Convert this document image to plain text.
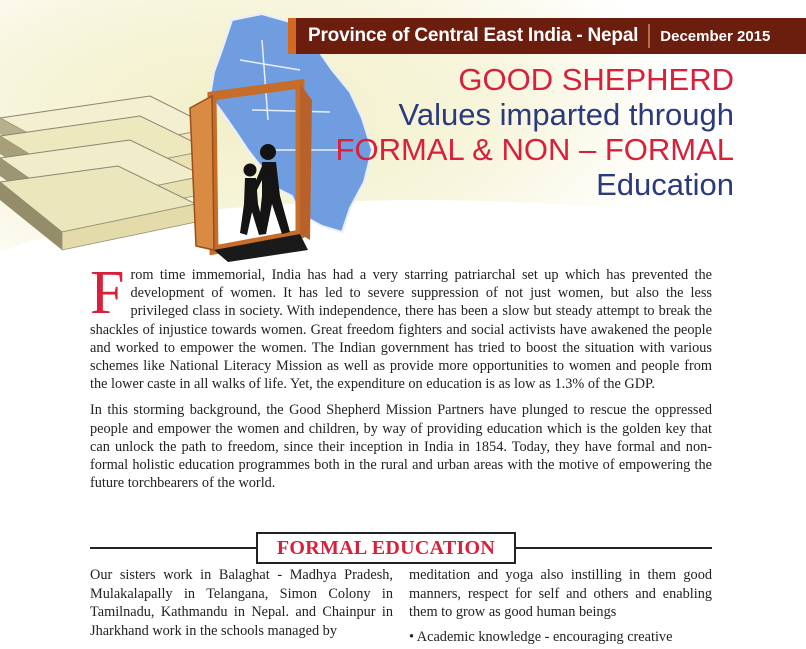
Province of Central East India - Nepal December 2015
GOOD SHEPHERD
Values imparted through
FORMAL & NON – FORMAL
Education

From time immemorial, India has had a very starring patriarchal set up which has prevented the development of women. It has led to severe suppression of not just women, but also the less privileged class in society. With independence, there has been a slow but steady attempt to break the shackles of injustice towards women. Great freedom fighters and social activists have awakened the people and worked to empower the women. The Indian government has tried to boost the situation with various schemes like National Literacy Mission as well as provide more opportunities to women and people from the lower caste in all walks of life. Yet, the expenditure on education is as low as 1.3% of the GDP.

In this storming background, the Good Shepherd Mission Partners have plunged to rescue the oppressed people and empower the women and children, by way of providing education which is the golden key that can unlock the path to freedom, since their inception in India in 1854. Today, they have formal and non-formal holistic education programmes both in the rural and urban areas with the motive of empowering the future torchbearers of the world.

FORMAL EDUCATION
Our sisters work in Balaghat - Madhya Pradesh, Mulakalapally in Telangana, Simon Colony in Tamilnadu, Kathmandu in Nepal. and Chainpur in Jharkhand work in the schools managed by
meditation and yoga also instilling in them good manners, respect for self and others and enabling them to grow as good human beings
• Academic knowledge - encouraging creative
